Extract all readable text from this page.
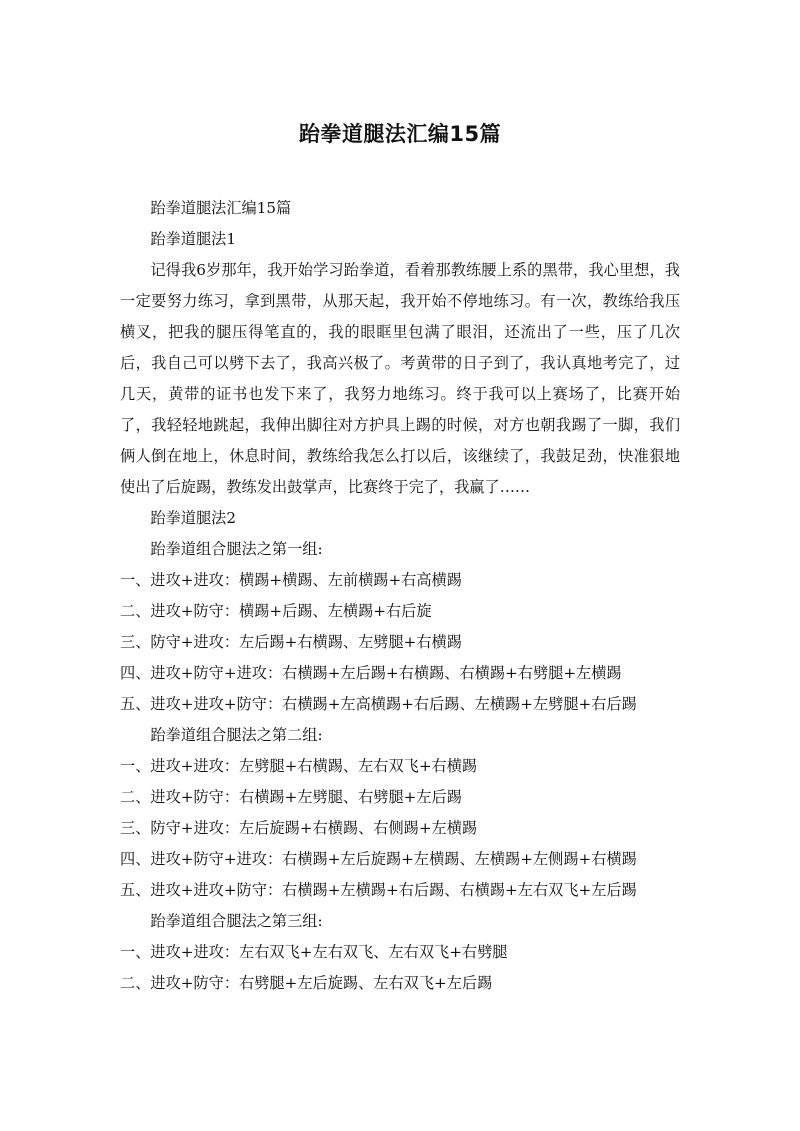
跆拳道腿法汇编15篇

跆拳道腿法汇编15篇

跆拳道腿法1

记得我6岁那年，我开始学习跆拳道，看着那教练腰上系的黑带，我心里想，我一定要努力练习，拿到黑带，从那天起，我开始不停地练习。有一次，教练给我压横叉，把我的腿压得笔直的，我的眼眶里包满了眼泪，还流出了一些，压了几次后，我自己可以劈下去了，我高兴极了。考黄带的日子到了，我认真地考完了，过几天，黄带的证书也发下来了，我努力地练习。终于我可以上赛场了，比赛开始了，我轻轻地跳起，我伸出脚往对方护具上踢的时候，对方也朝我踢了一脚，我们俩人倒在地上，休息时间，教练给我怎么打以后，该继续了，我鼓足劲，快准狠地使出了后旋踢，教练发出鼓掌声，比赛终于完了，我赢了……

跆拳道腿法2

跆拳道组合腿法之第一组:

一、进攻+进攻：横踢+横踢、左前横踢+右高横踢

二、进攻+防守：横踢+后踢、左横踢+右后旋

三、防守+进攻：左后踢+右横踢、左劈腿+右横踢

四、进攻+防守+进攻：右横踢+左后踢+右横踢、右横踢+右劈腿+左横踢

五、进攻+进攻+防守：右横踢+左高横踢+右后踢、左横踢+左劈腿+右后踢

跆拳道组合腿法之第二组:

一、进攻+进攻：左劈腿+右横踢、左右双飞+右横踢

二、进攻+防守：右横踢+左劈腿、右劈腿+左后踢

三、防守+进攻：左后旋踢+右横踢、右侧踢+左横踢

四、进攻+防守+进攻：右横踢+左后旋踢+左横踢、左横踢+左侧踢+右横踢

五、进攻+进攻+防守：右横踢+左横踢+右后踢、右横踢+左右双飞+左后踢

跆拳道组合腿法之第三组:

一、进攻+进攻：左右双飞+左右双飞、左右双飞+右劈腿

二、进攻+防守：右劈腿+左后旋踢、左右双飞+左后踢
